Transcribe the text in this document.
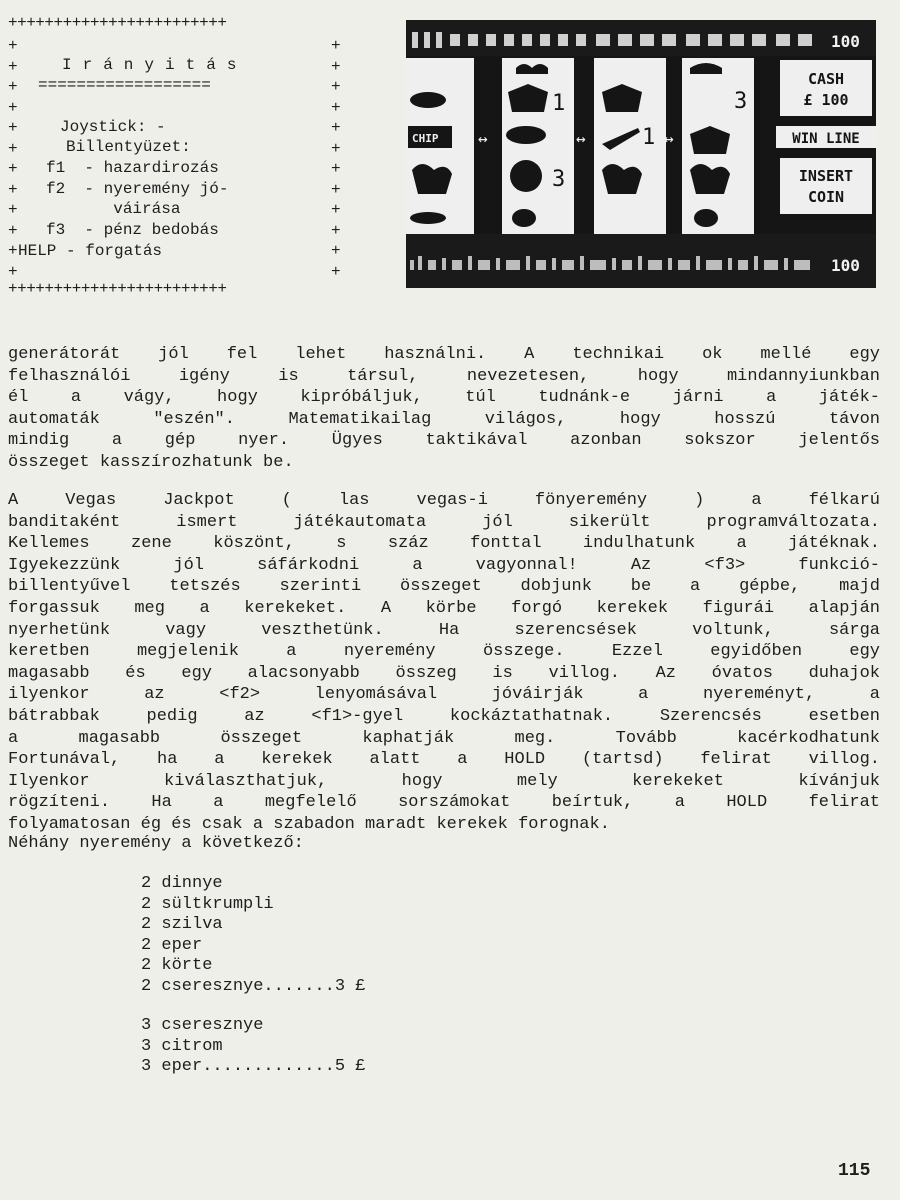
++++++++++++++++++++++++
+
+
+
+
+
+
+
+
+
+
+
+
+
+
+
+
+
+
+
+
+
+
+
+
++++++++++++++++++++++++
Irányitás
==================
Joystick: -
Billentyüzet:
f1  - hazardirozás
f2  - nyeremény jó-
váirása
f3  - pénz bedobás
HELP - forgatás
100
CHIP 3
1
1
3
↔	↔	1 ↔
3
CASH
£ 100
WIN LINE
INSERT
COIN
100
generátorát jól fel lehet használni. A technikai ok mellé egy
felhasználói igény is társul, nevezetesen, hogy mindannyiunkban
él a vágy, hogy kipróbáljuk, túl tudnánk-e járni a játék-
automaták "eszén". Matematikailag világos, hogy hosszú távon
mindig a gép nyer. Ügyes taktikával azonban sokszor jelentős
összeget kasszírozhatunk be.
A Vegas Jackpot ( las vegas-i fönyeremény ) a félkarú
banditaként ismert játékautomata jól sikerült programváltozata.
Kellemes zene köszönt, s száz fonttal indulhatunk a játéknak.
Igyekezzünk jól sáfárkodni a vagyonnal! Az <f3> funkció-
billentyűvel tetszés szerinti összeget dobjunk be a gépbe, majd
forgassuk meg a kerekeket. A körbe forgó kerekek figurái alapján
nyerhetünk vagy veszthetünk. Ha szerencsések voltunk, sárga
keretben megjelenik a nyeremény összege. Ezzel egyidőben egy
magasabb és egy alacsonyabb összeg is villog. Az óvatos duhajok
ilyenkor az <f2> lenyomásával jóváirják a nyereményt, a
bátrabbak pedig az <f1>-gyel kockáztathatnak. Szerencsés esetben
a magasabb összeget kaphatják meg. Tovább kacérkodhatunk
Fortunával, ha a kerekek alatt a HOLD (tartsd) felirat villog.
Ilyenkor kiválaszthatjuk, hogy mely kerekeket kívánjuk
rögzíteni. Ha a megfelelő sorszámokat beírtuk, a HOLD felirat
folyamatosan ég és csak a szabadon maradt kerekek forognak.
Néhány nyeremény a következő:
2 dinnye
2 sültkrumpli
2 szilva
2 eper
2 körte
2 cseresznye.......3 £
3 cseresznye
3 citrom
3 eper.............5 £
115
